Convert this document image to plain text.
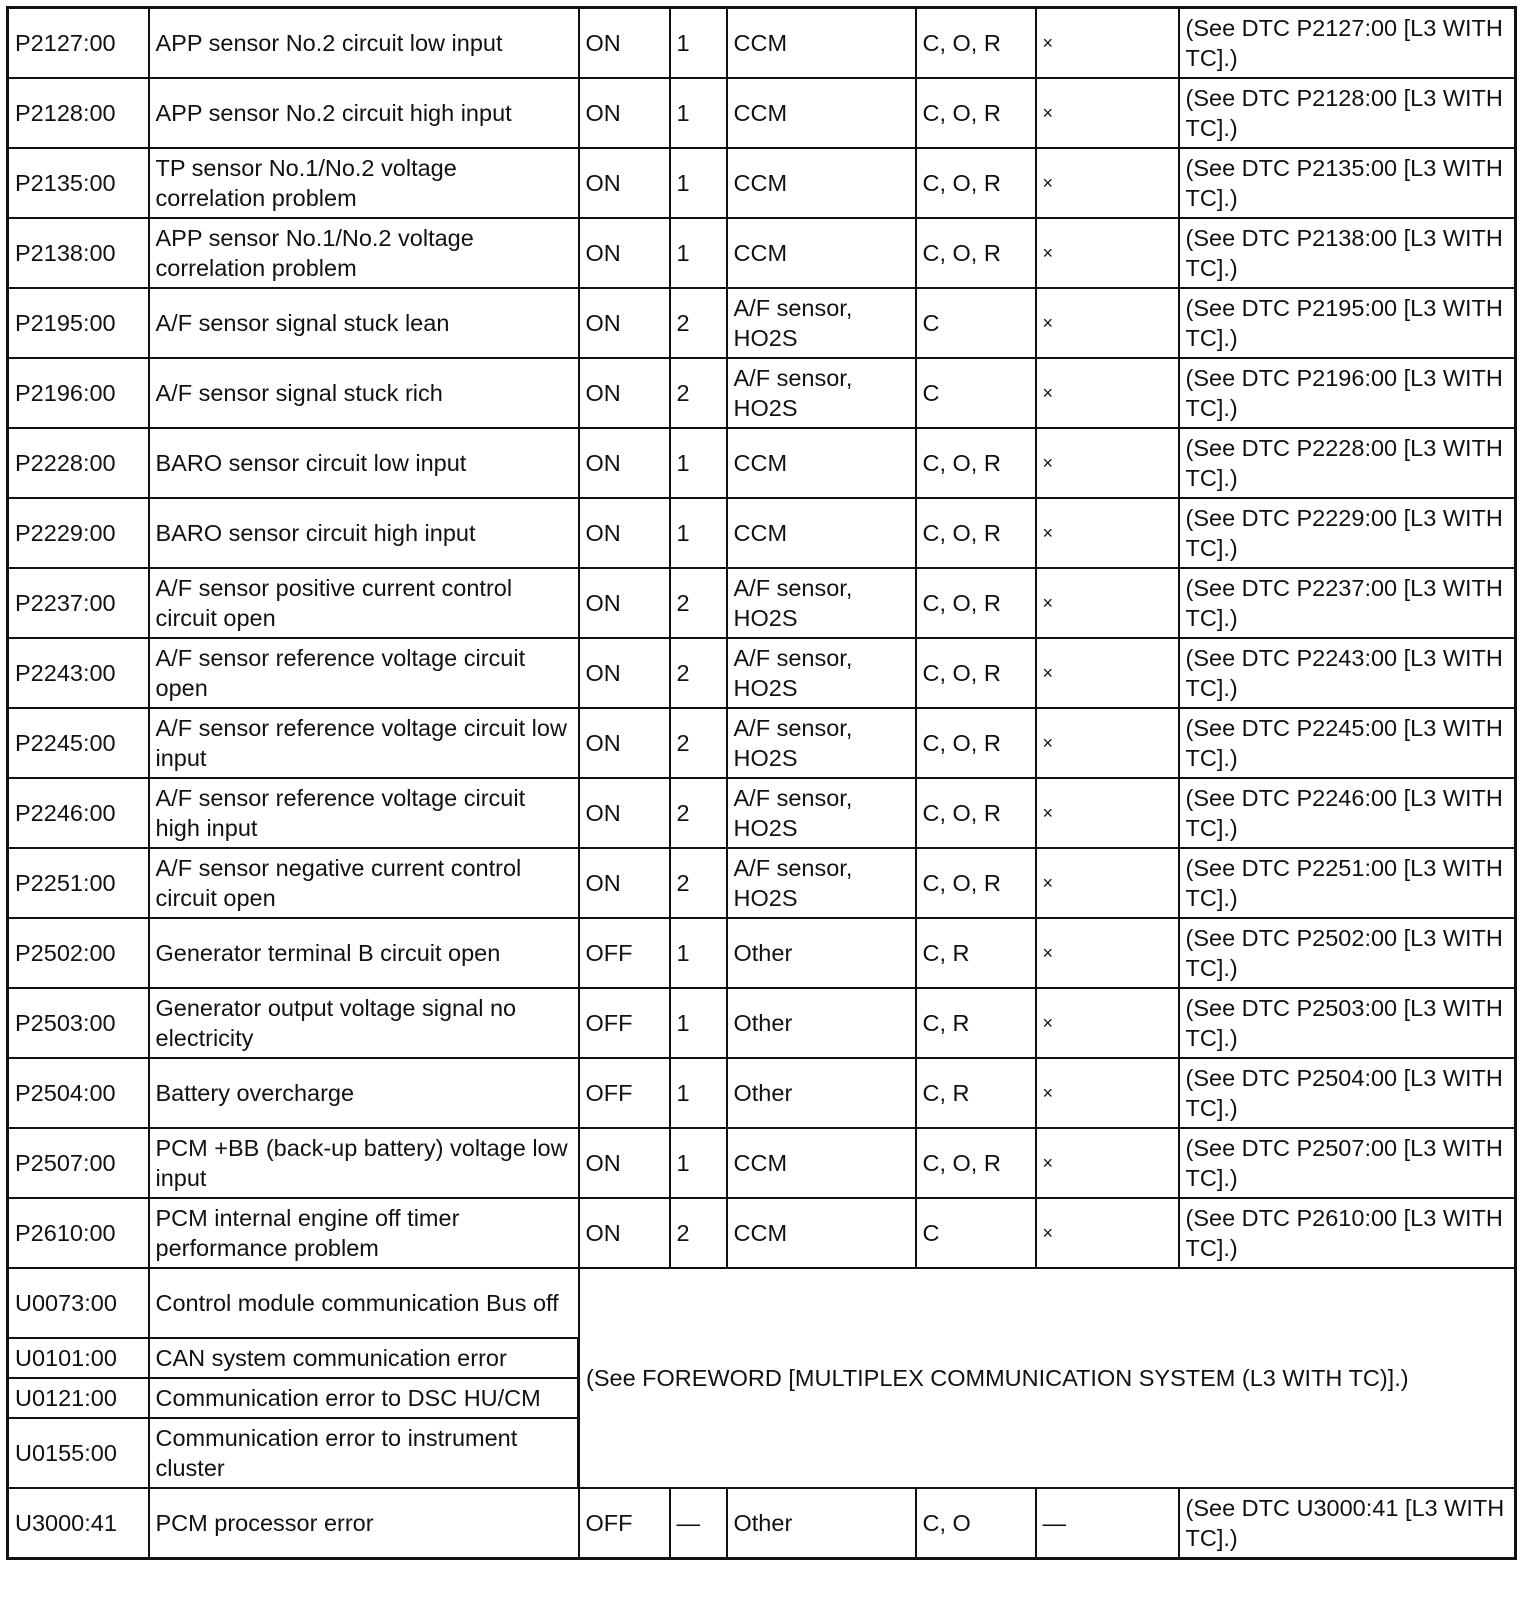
P2127:00	APP sensor No.2 circuit low input	ON	1	CCM	C, O, R	×	(See DTC P2127:00 [L3 WITH TC].)
P2128:00	APP sensor No.2 circuit high input	ON	1	CCM	C, O, R	×	(See DTC P2128:00 [L3 WITH TC].)
P2135:00	TP sensor No.1/No.2 voltage correlation problem	ON	1	CCM	C, O, R	×	(See DTC P2135:00 [L3 WITH TC].)
P2138:00	APP sensor No.1/No.2 voltage correlation problem	ON	1	CCM	C, O, R	×	(See DTC P2138:00 [L3 WITH TC].)
P2195:00	A/F sensor signal stuck lean	ON	2	A/F sensor, HO2S	C	×	(See DTC P2195:00 [L3 WITH TC].)
P2196:00	A/F sensor signal stuck rich	ON	2	A/F sensor, HO2S	C	×	(See DTC P2196:00 [L3 WITH TC].)
P2228:00	BARO sensor circuit low input	ON	1	CCM	C, O, R	×	(See DTC P2228:00 [L3 WITH TC].)
P2229:00	BARO sensor circuit high input	ON	1	CCM	C, O, R	×	(See DTC P2229:00 [L3 WITH TC].)
P2237:00	A/F sensor positive current control circuit open	ON	2	A/F sensor, HO2S	C, O, R	×	(See DTC P2237:00 [L3 WITH TC].)
P2243:00	A/F sensor reference voltage circuit open	ON	2	A/F sensor, HO2S	C, O, R	×	(See DTC P2243:00 [L3 WITH TC].)
P2245:00	A/F sensor reference voltage circuit low input	ON	2	A/F sensor, HO2S	C, O, R	×	(See DTC P2245:00 [L3 WITH TC].)
P2246:00	A/F sensor reference voltage circuit high input	ON	2	A/F sensor, HO2S	C, O, R	×	(See DTC P2246:00 [L3 WITH TC].)
P2251:00	A/F sensor negative current control circuit open	ON	2	A/F sensor, HO2S	C, O, R	×	(See DTC P2251:00 [L3 WITH TC].)
P2502:00	Generator terminal B circuit open	OFF	1	Other	C, R	×	(See DTC P2502:00 [L3 WITH TC].)
P2503:00	Generator output voltage signal no electricity	OFF	1	Other	C, R	×	(See DTC P2503:00 [L3 WITH TC].)
P2504:00	Battery overcharge	OFF	1	Other	C, R	×	(See DTC P2504:00 [L3 WITH TC].)
P2507:00	PCM +BB (back-up battery) voltage low input	ON	1	CCM	C, O, R	×	(See DTC P2507:00 [L3 WITH TC].)
P2610:00	PCM internal engine off timer performance problem	ON	2	CCM	C	×	(See DTC P2610:00 [L3 WITH TC].)
U0073:00	Control module communication Bus off	(See FOREWORD [MULTIPLEX COMMUNICATION SYSTEM (L3 WITH TC)].)					
U0101:00	CAN system communication error						
U0121:00	Communication error to DSC HU/CM						
U0155:00	Communication error to instrument cluster						
U3000:41	PCM processor error	OFF	—	Other	C, O	—	(See DTC U3000:41 [L3 WITH TC].)
